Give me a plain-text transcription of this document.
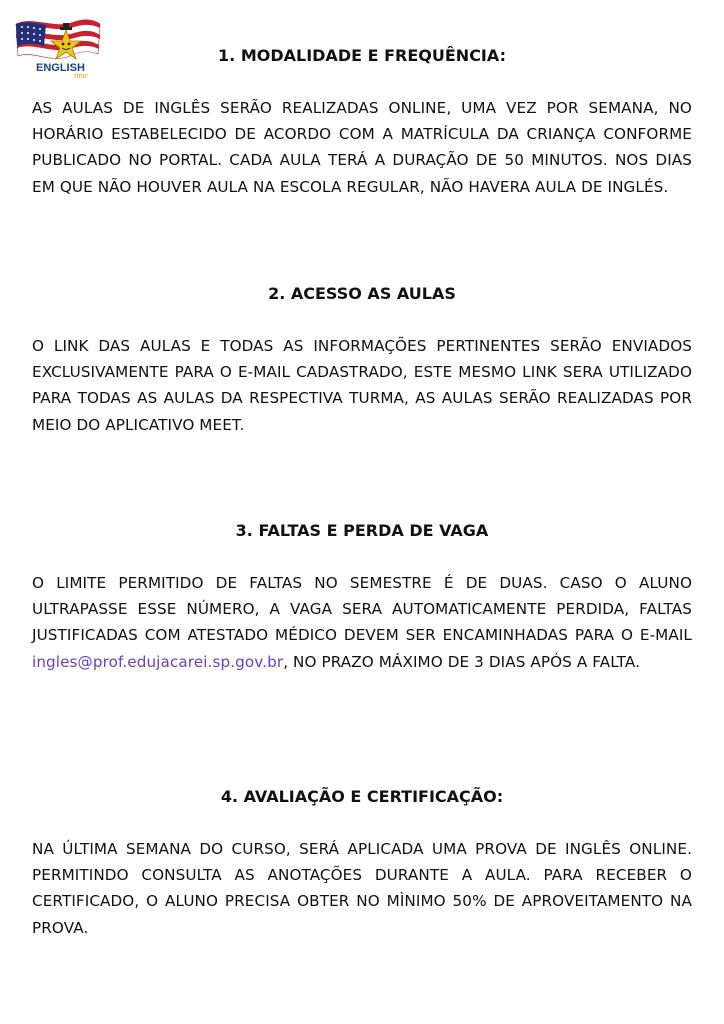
ENGLISH
time
1. MODALIDADE E FREQUÊNCIA:

AS AULAS DE INGLÊS SERÃO REALIZADAS ONLINE, UMA VEZ POR SEMANA, NO HORÁRIO ESTABELECIDO DE ACORDO COM A MATRÍCULA DA CRIANÇA CONFORME PUBLICADO NO PORTAL. CADA AULA TERÁ A DURAÇÃO DE 50 MINUTOS. NOS DIAS EM QUE NÃO HOUVER AULA NA ESCOLA REGULAR, NÃO HAVERA AULA DE INGLÉS.

2. ACESSO AS AULAS

O LINK DAS AULAS E TODAS AS INFORMAÇÕES PERTINENTES SERÃO ENVIADOS EXCLUSIVAMENTE PARA O E-MAIL CADASTRADO, ESTE MESMO LINK SERA UTILIZADO PARA TODAS AS AULAS DA RESPECTIVA TURMA, AS AULAS SERÃO REALIZADAS POR MEIO DO APLICATIVO MEET.

3. FALTAS E PERDA DE VAGA

O LIMITE PERMITIDO DE FALTAS NO SEMESTRE É DE DUAS. CASO O ALUNO ULTRAPASSE ESSE NÚMERO, A VAGA SERA AUTOMATICAMENTE PERDIDA, FALTAS JUSTIFICADAS COM ATESTADO MÉDICO DEVEM SER ENCAMINHADAS PARA O E-MAIL ingles@prof.edujacarei.sp.gov.br, NO PRAZO MÁXIMO DE 3 DIAS APÓS A FALTA.

4. AVALIAÇÃO E CERTIFICAÇÃO:

NA ÚLTIMA SEMANA DO CURSO, SERÁ APLICADA UMA PROVA DE INGLÊS ONLINE. PERMITINDO CONSULTA AS ANOTAÇÕES DURANTE A AULA. PARA RECEBER O CERTIFICADO, O ALUNO PRECISA OBTER NO MÌNIMO 50% DE APROVEITAMENTO NA PROVA.
